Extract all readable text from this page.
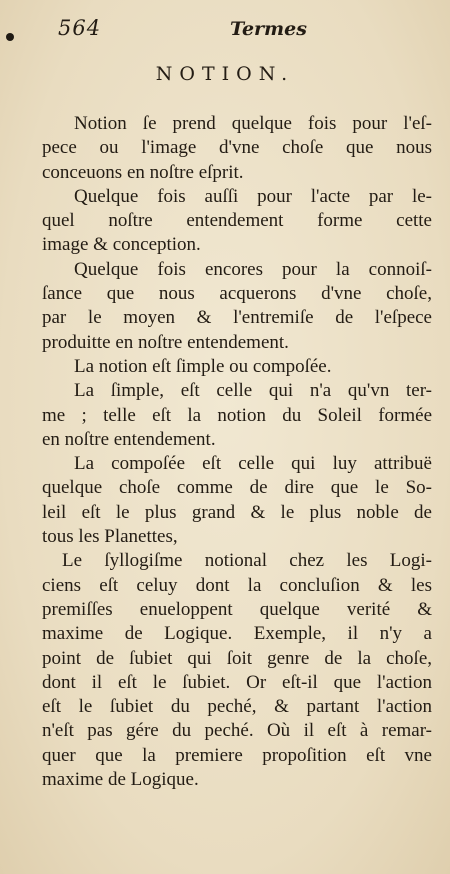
564	Termes
NOTION.
Notion ſe prend quelque fois pour l'eſ-
pece ou l'image d'vne choſe que nous
conceuons en noſtre eſprit.
Quelque fois auſſi pour l'acte par le-
quel noſtre entendement forme cette
image & conception.
Quelque fois encores pour la connoiſ-
ſance que nous acquerons d'vne choſe,
par le moyen & l'entremiſe de l'eſpece
produitte en noſtre entendement.
La notion eſt ſimple ou compoſée.
La ſimple, eſt celle qui n'a qu'vn ter-
me ; telle eſt la notion du Soleil formée
en noſtre entendement.
La compoſée eſt celle qui luy attribuë
quelque choſe comme de dire que le So-
leil eſt le plus grand & le plus noble de
tous les Planettes,
Le ſyllogiſme notional chez les Logi-
ciens eſt celuy dont la concluſion & les
premiſſes enueloppent quelque verité &
maxime de Logique. Exemple, il n'y a
point de ſubiet qui ſoit genre de la choſe,
dont il eſt le ſubiet. Or eſt-il que l'action
eſt le ſubiet du peché, & partant l'action
n'eſt pas gére du peché. Où il eſt à remar-
quer que la premiere propoſition eſt vne
maxime de Logique.
